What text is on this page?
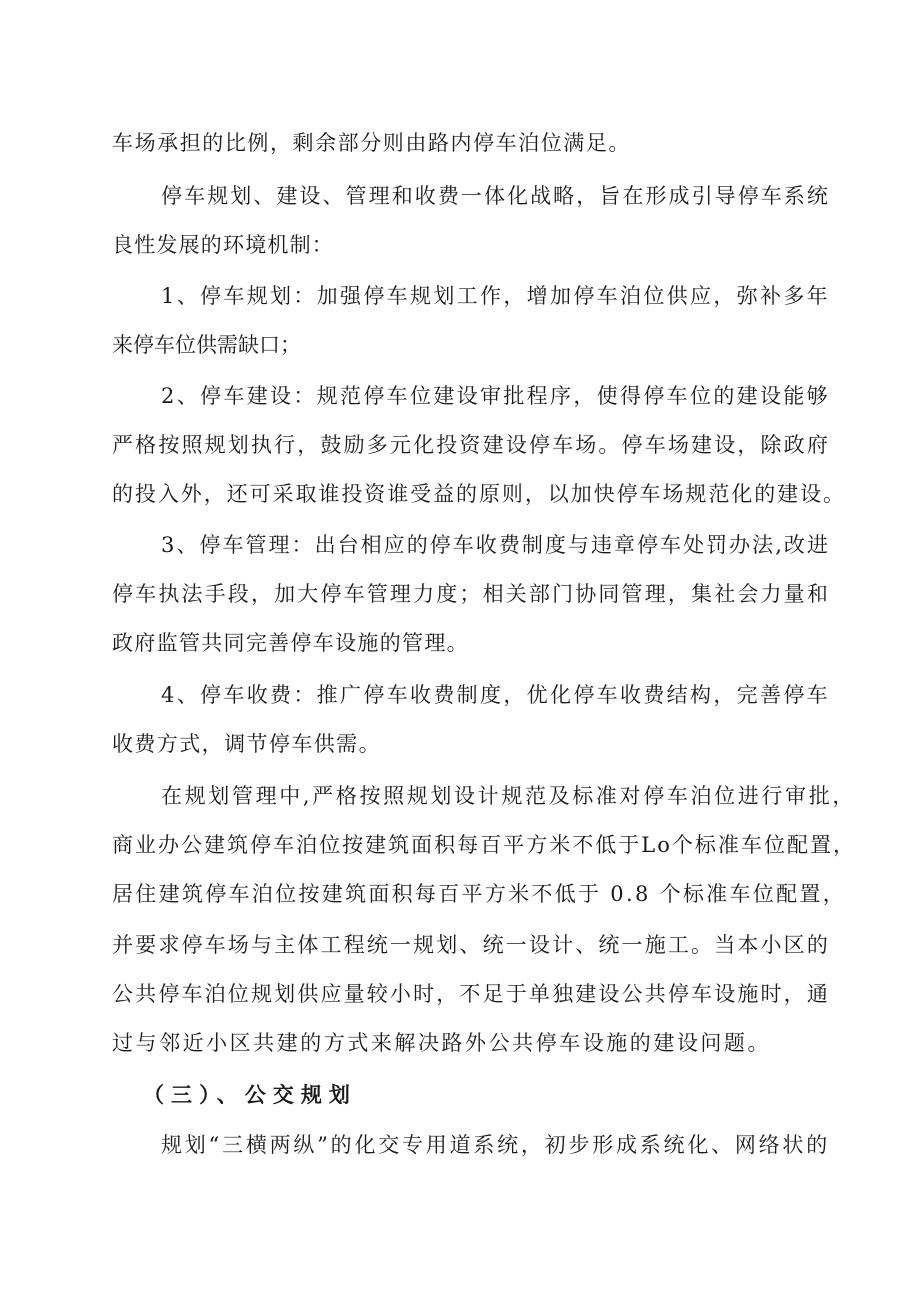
车场承担的比例，剩余部分则由路内停车泊位满足。
停车规划、建设、管理和收费一体化战略，旨在形成引导停车系统
良性发展的环境机制：
1、停车规划：加强停车规划工作，增加停车泊位供应，弥补多年
来停车位供需缺口；
2、停车建设：规范停车位建设审批程序，使得停车位的建设能够
严格按照规划执行，鼓励多元化投资建设停车场。停车场建设，除政府
的投入外，还可采取谁投资谁受益的原则，以加快停车场规范化的建设。
3、停车管理：出台相应的停车收费制度与违章停车处罚办法,改进
停车执法手段，加大停车管理力度；相关部门协同管理，集社会力量和
政府监管共同完善停车设施的管理。
4、停车收费：推广停车收费制度，优化停车收费结构，完善停车
收费方式，调节停车供需。
在规划管理中,严格按照规划设计规范及标准对停车泊位进行审批，
商业办公建筑停车泊位按建筑面积每百平方米不低于Lo个标准车位配置，
居住建筑停车泊位按建筑面积每百平方米不低于 0.8 个标准车位配置，
并要求停车场与主体工程统一规划、统一设计、统一施工。当本小区的
公共停车泊位规划供应量较小时，不足于单独建设公共停车设施时，通
过与邻近小区共建的方式来解决路外公共停车设施的建设问题。
（三）、公交规划
规划“三横两纵”的化交专用道系统，初步形成系统化、网络状的
